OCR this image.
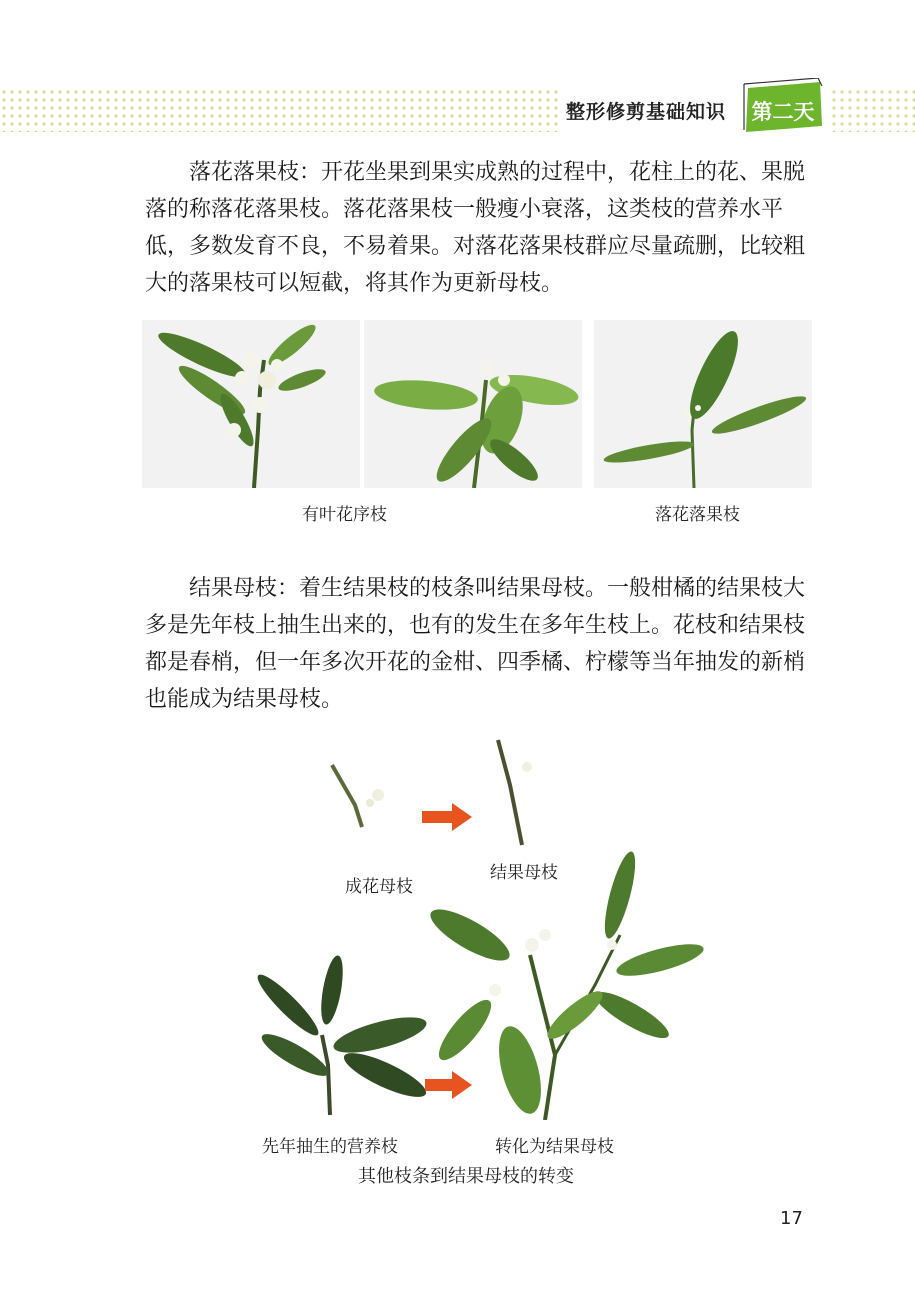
整形修剪基础知识	第二天

落花落果枝：开花坐果到果实成熟的过程中，花柱上的花、果脱落的称落花落果枝。落花落果枝一般瘦小衰落，这类枝的营养水平低，多数发育不良，不易着果。对落花落果枝群应尽量疏删，比较粗大的落果枝可以短截，将其作为更新母枝。

有叶花序枝	落花落果枝

结果母枝：着生结果枝的枝条叫结果母枝。一般柑橘的结果枝大多是先年枝上抽生出来的，也有的发生在多年生枝上。花枝和结果枝都是春梢，但一年多次开花的金柑、四季橘、柠檬等当年抽发的新梢也能成为结果母枝。

成花母枝
结果母枝
先年抽生的营养枝	转化为结果母枝
其他枝条到结果母枝的转变
17
